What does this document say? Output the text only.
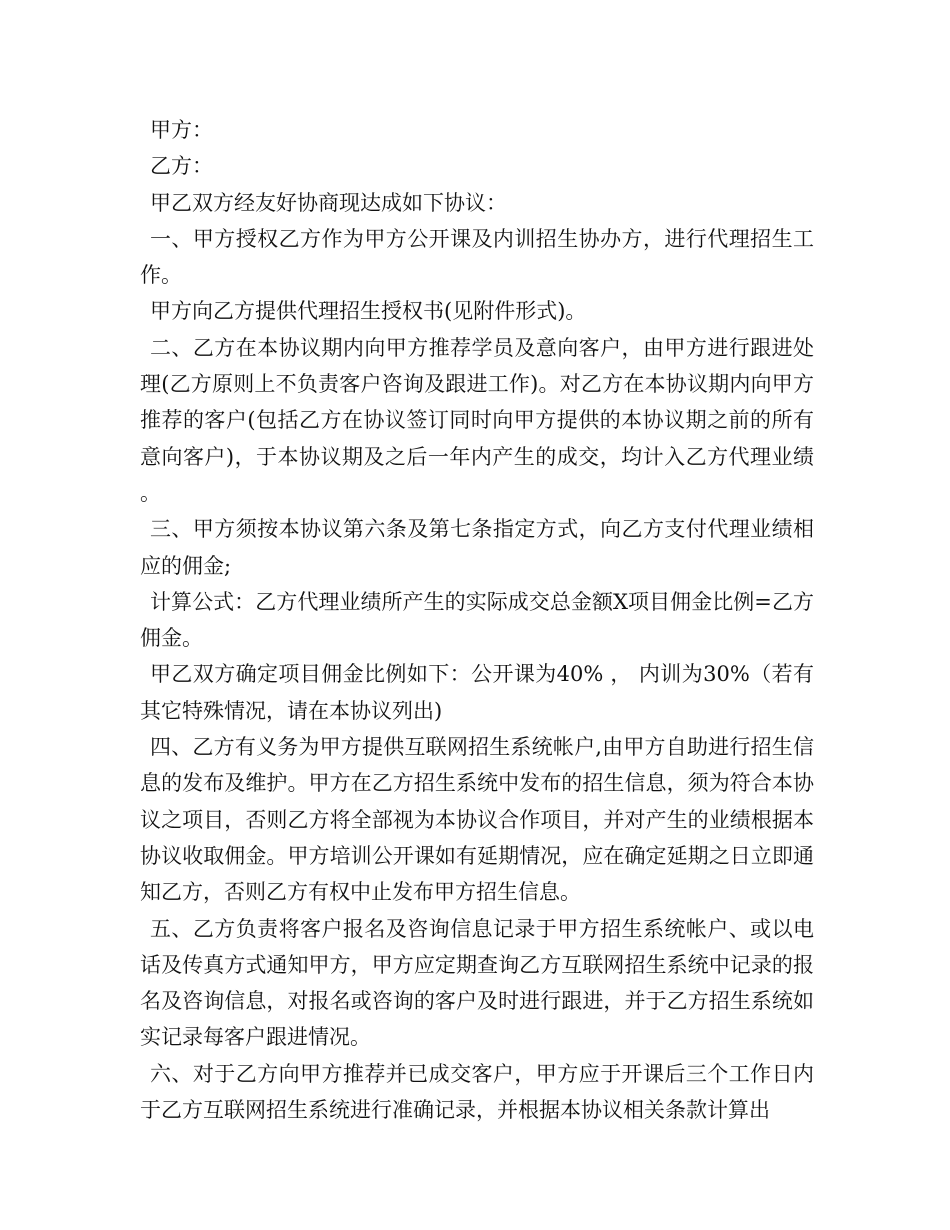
甲方：

乙方：

甲乙双方经友好协商现达成如下协议：

一、甲方授权乙方作为甲方公开课及内训招生协办方，进行代理招生工作。

甲方向乙方提供代理招生授权书(见附件形式)。

二、乙方在本协议期内向甲方推荐学员及意向客户，由甲方进行跟进处理(乙方原则上不负责客户咨询及跟进工作)。对乙方在本协议期内向甲方推荐的客户(包括乙方在协议签订同时向甲方提供的本协议期之前的所有意向客户)，于本协议期及之后一年内产生的成交，均计入乙方代理业绩。

三、甲方须按本协议第六条及第七条指定方式，向乙方支付代理业绩相应的佣金;

计算公式：乙方代理业绩所产生的实际成交总金额X项目佣金比例=乙方佣金。

甲乙双方确定项目佣金比例如下：公开课为40% ， 内训为30%（若有其它特殊情况，请在本协议列出)

四、乙方有义务为甲方提供互联网招生系统帐户,由甲方自助进行招生信息的发布及维护。甲方在乙方招生系统中发布的招生信息，须为符合本协议之项目，否则乙方将全部视为本协议合作项目，并对产生的业绩根据本协议收取佣金。甲方培训公开课如有延期情况，应在确定延期之日立即通知乙方，否则乙方有权中止发布甲方招生信息。

五、乙方负责将客户报名及咨询信息记录于甲方招生系统帐户、或以电话及传真方式通知甲方，甲方应定期查询乙方互联网招生系统中记录的报名及咨询信息，对报名或咨询的客户及时进行跟进，并于乙方招生系统如实记录每客户跟进情况。

六、对于乙方向甲方推荐并已成交客户，甲方应于开课后三个工作日内于乙方互联网招生系统进行准确记录，并根据本协议相关条款计算出
